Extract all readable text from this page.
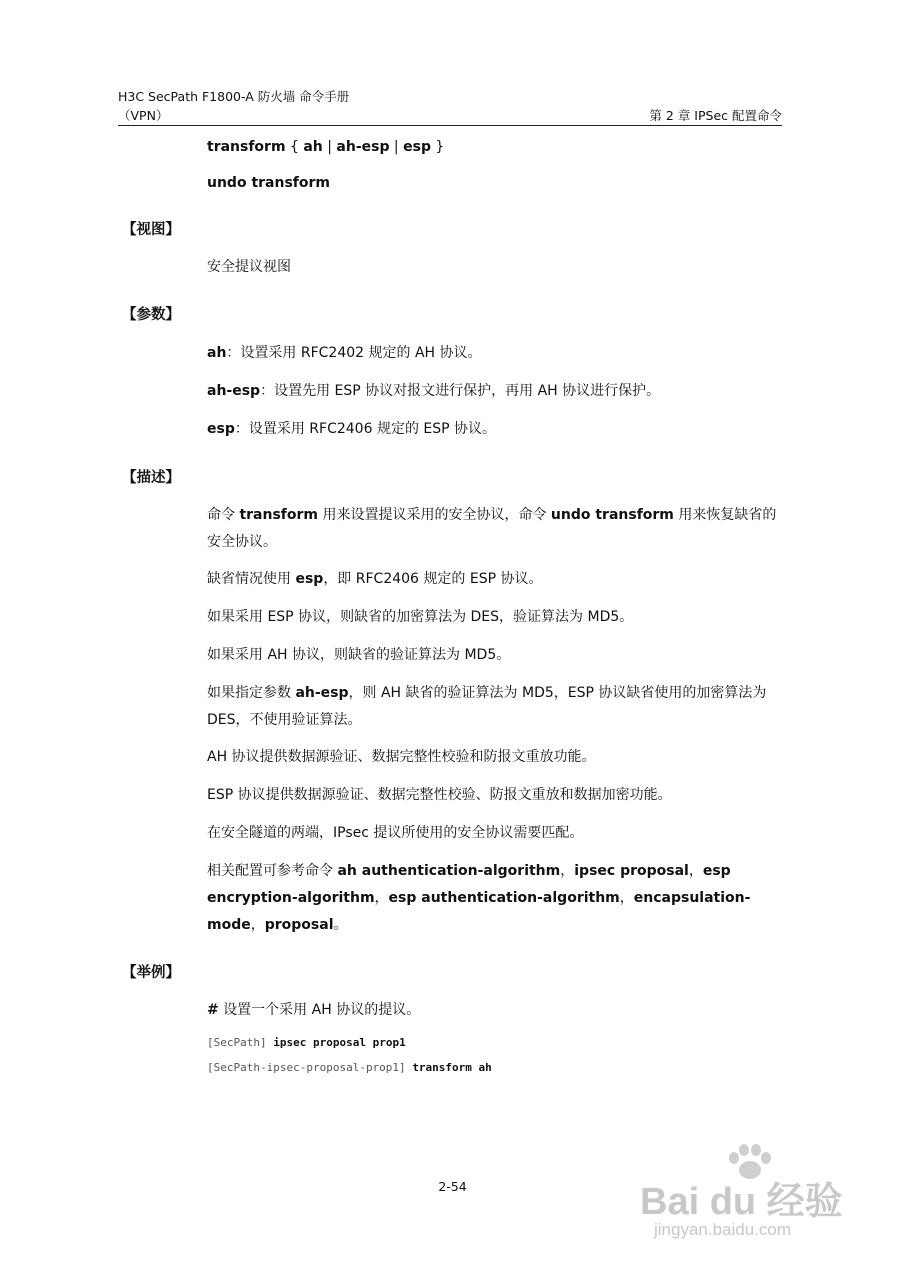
H3C SecPath F1800-A 防火墙 命令手册
（VPN）	第 2 章 IPSec 配置命令
transform { ah | ah-esp | esp }
undo transform
【视图】
安全提议视图
【参数】
ah：设置采用 RFC2402 规定的 AH 协议。
ah-esp：设置先用 ESP 协议对报文进行保护，再用 AH 协议进行保护。
esp：设置采用 RFC2406 规定的 ESP 协议。
【描述】
命令 transform 用来设置提议采用的安全协议，命令 undo transform 用来恢复缺省的安全协议。
缺省情况使用 esp，即 RFC2406 规定的 ESP 协议。
如果采用 ESP 协议，则缺省的加密算法为 DES，验证算法为 MD5。
如果采用 AH 协议，则缺省的验证算法为 MD5。
如果指定参数 ah-esp，则 AH 缺省的验证算法为 MD5，ESP 协议缺省使用的加密算法为 DES，不使用验证算法。
AH 协议提供数据源验证、数据完整性校验和防报文重放功能。
ESP 协议提供数据源验证、数据完整性校验、防报文重放和数据加密功能。
在安全隧道的两端，IPsec 提议所使用的安全协议需要匹配。
相关配置可参考命令 ah authentication-algorithm，ipsec proposal，esp encryption-algorithm，esp authentication-algorithm，encapsulation-mode，proposal。
【举例】
# 设置一个采用 AH 协议的提议。
[SecPath] ipsec proposal prop1
[SecPath-ipsec-proposal-prop1] transform ah
2-54	Bai du 经验
jingyan.baidu.com
